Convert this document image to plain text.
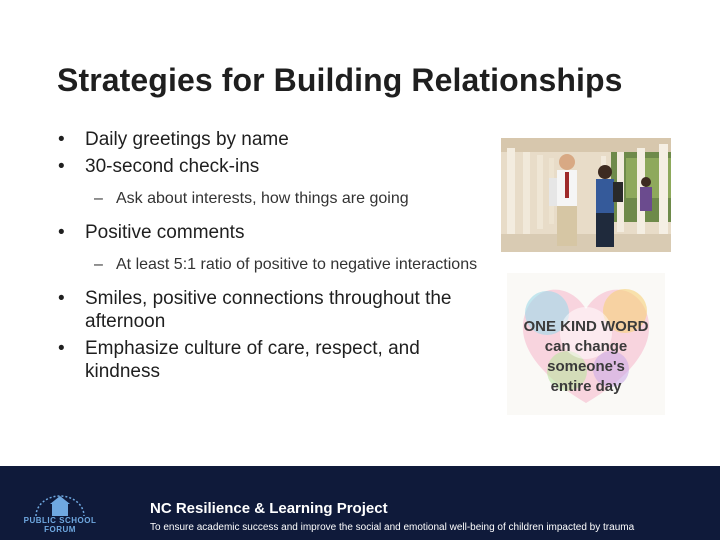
Strategies for Building Relationships
• Daily greetings by name
• 30-second check-ins
– Ask about interests, how things are going
• Positive comments
– At least 5:1 ratio of positive to negative interactions
• Smiles, positive connections throughout the afternoon
• Emphasize culture of care, respect, and kindness
ONE KIND WORD
can change
someone's
entire day
PUBLIC SCHOOL
FORUM
NC Resilience & Learning Project
To ensure academic success and improve the social and emotional well-being of children impacted by trauma
